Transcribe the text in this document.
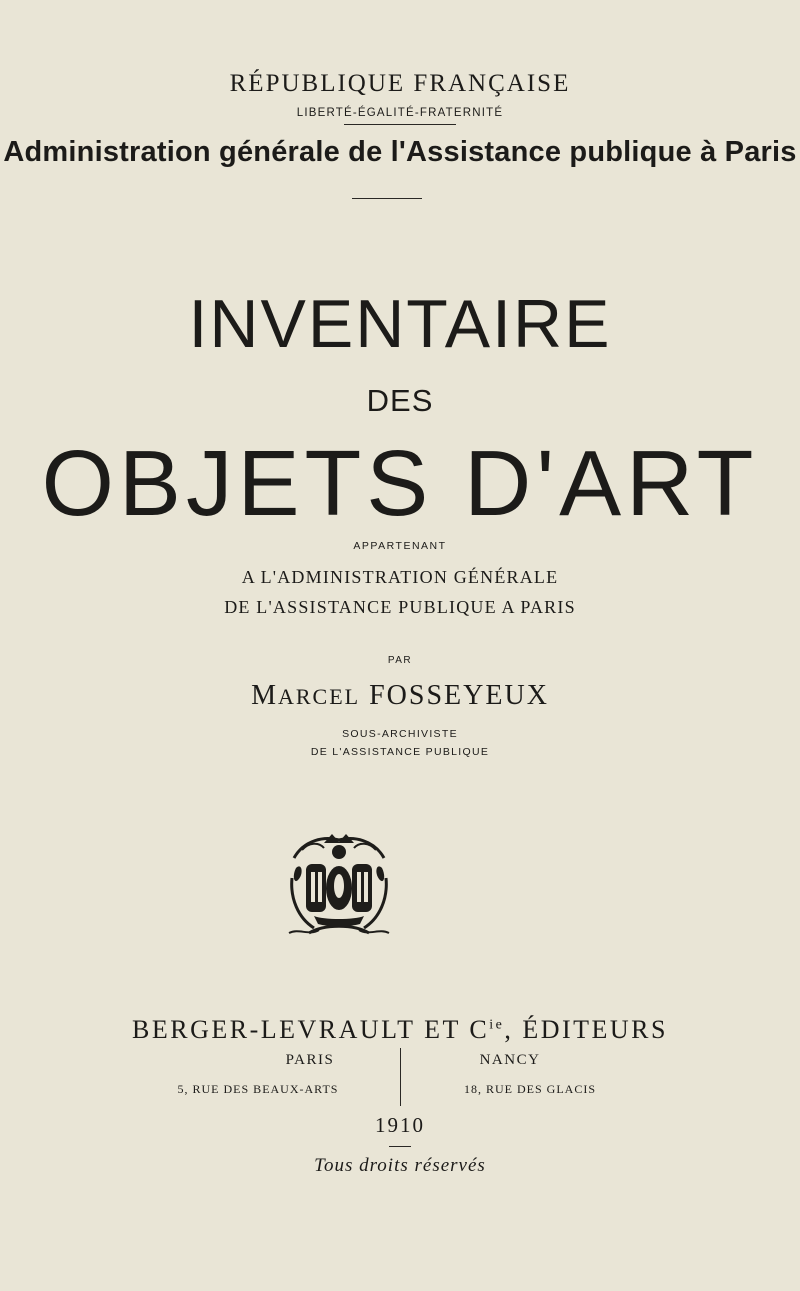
RÉPUBLIQUE FRANÇAISE
LIBERTÉ-ÉGALITÉ-FRATERNITÉ
Administration générale de l'Assistance publique à Paris
INVENTAIRE
DES
OBJETS D'ART
APPARTENANT
A L'ADMINISTRATION GÉNÉRALE
DE L'ASSISTANCE PUBLIQUE A PARIS
PAR
MARCEL FOSSEYEUX
SOUS-ARCHIVISTE
DE L'ASSISTANCE PUBLIQUE
BERGER-LEVRAULT ET $C^{ie}$, ÉDITEURS
PARIS
5, RUE DES BEAUX-ARTS
NANCY
18, RUE DES GLACIS
1910
Tous droits réservés
